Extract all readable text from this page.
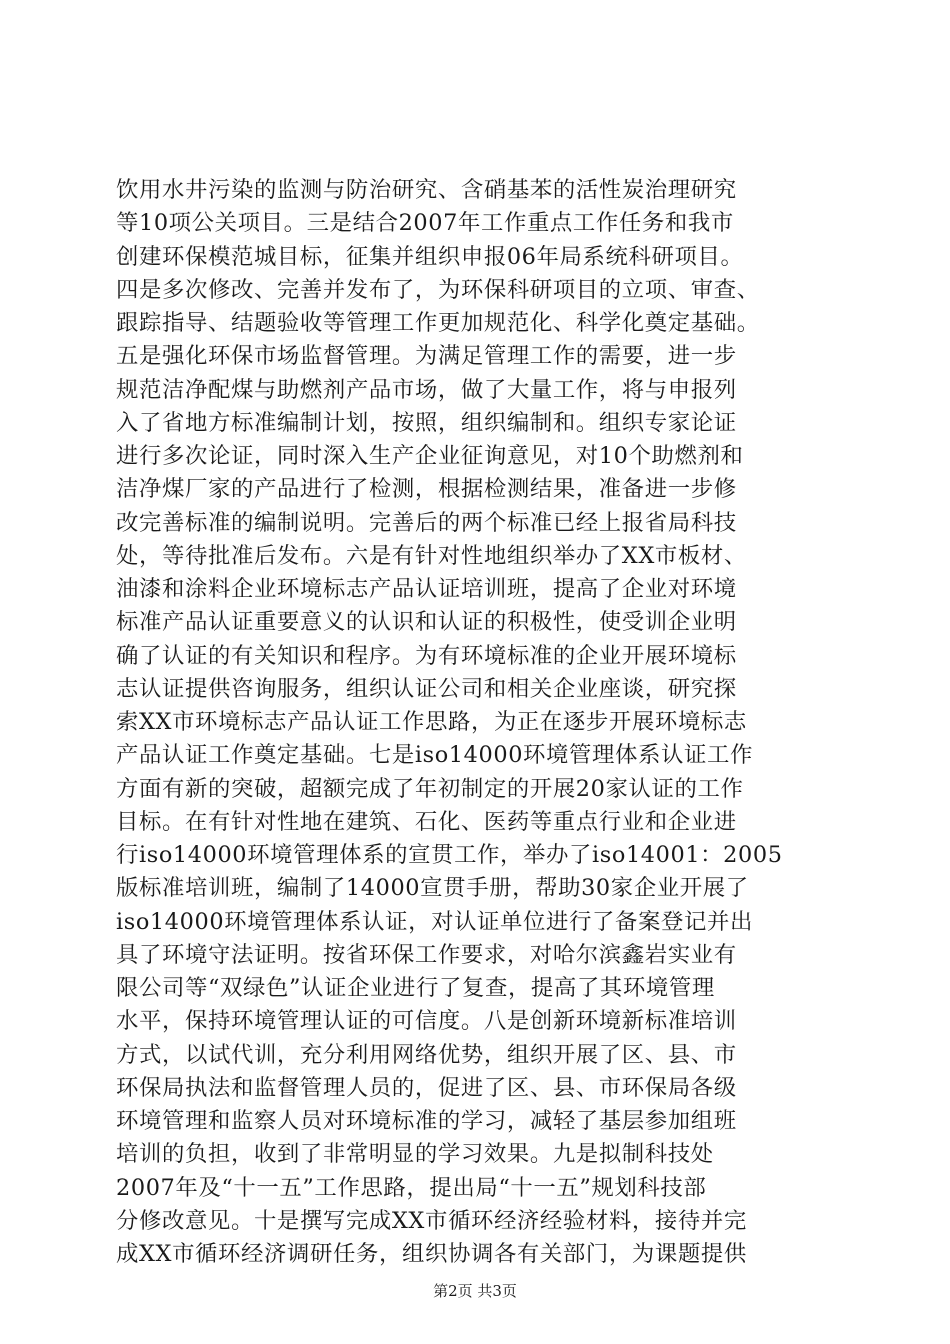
饮用水井污染的监测与防治研究、含硝基苯的活性炭治理研究
等10项公关项目。三是结合2007年工作重点工作任务和我市
创建环保模范城目标，征集并组织申报06年局系统科研项目。
四是多次修改、完善并发布了，为环保科研项目的立项、审查、
跟踪指导、结题验收等管理工作更加规范化、科学化奠定基础。
五是强化环保市场监督管理。为满足管理工作的需要，进一步
规范洁净配煤与助燃剂产品市场，做了大量工作，将与申报列
入了省地方标准编制计划，按照，组织编制和。组织专家论证
进行多次论证，同时深入生产企业征询意见，对10个助燃剂和
洁净煤厂家的产品进行了检测，根据检测结果，准备进一步修
改完善标准的编制说明。完善后的两个标准已经上报省局科技
处，等待批准后发布。六是有针对性地组织举办了XX市板材、
油漆和涂料企业环境标志产品认证培训班，提高了企业对环境
标准产品认证重要意义的认识和认证的积极性，使受训企业明
确了认证的有关知识和程序。为有环境标准的企业开展环境标
志认证提供咨询服务，组织认证公司和相关企业座谈，研究探
索XX市环境标志产品认证工作思路，为正在逐步开展环境标志
产品认证工作奠定基础。七是iso14000环境管理体系认证工作
方面有新的突破，超额完成了年初制定的开展20家认证的工作
目标。在有针对性地在建筑、石化、医药等重点行业和企业进
行iso14000环境管理体系的宣贯工作，举办了iso14001：2005
版标准培训班，编制了14000宣贯手册，帮助30家企业开展了
iso14000环境管理体系认证，对认证单位进行了备案登记并出
具了环境守法证明。按省环保工作要求，对哈尔滨鑫岩实业有
限公司等“双绿色”认证企业进行了复查，提高了其环境管理
水平，保持环境管理认证的可信度。八是创新环境新标准培训
方式，以试代训，充分利用网络优势，组织开展了区、县、市
环保局执法和监督管理人员的，促进了区、县、市环保局各级
环境管理和监察人员对环境标准的学习，减轻了基层参加组班
培训的负担，收到了非常明显的学习效果。九是拟制科技处
2007年及“十一五”工作思路，提出局“十一五”规划科技部
分修改意见。十是撰写完成XX市循环经济经验材料，接待并完
成XX市循环经济调研任务，组织协调各有关部门，为课题提供
第2页 共3页
